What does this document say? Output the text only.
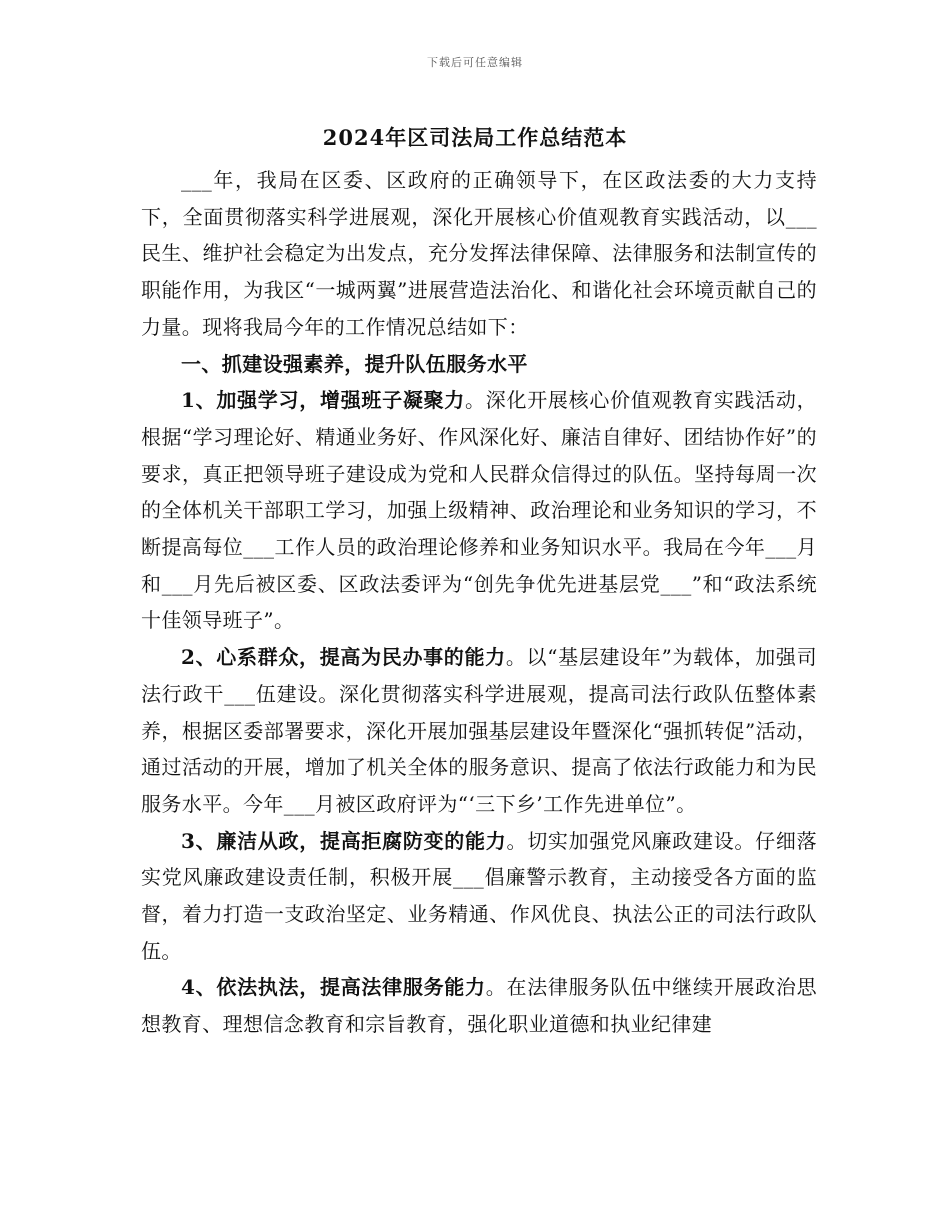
下载后可任意编辑
2024年区司法局工作总结范本

___年，我局在区委、区政府的正确领导下，在区政法委的大力支持下，全面贯彻落实科学进展观，深化开展核心价值观教育实践活动，以___民生、维护社会稳定为出发点，充分发挥法律保障、法律服务和法制宣传的职能作用，为我区“一城两翼”进展营造法治化、和谐化社会环境贡献自己的力量。现将我局今年的工作情况总结如下：

一、抓建设强素养，提升队伍服务水平

1、加强学习，增强班子凝聚力。深化开展核心价值观教育实践活动，根据“学习理论好、精通业务好、作风深化好、廉洁自律好、团结协作好”的要求，真正把领导班子建设成为党和人民群众信得过的队伍。坚持每周一次的全体机关干部职工学习，加强上级精神、政治理论和业务知识的学习，不断提高每位___工作人员的政治理论修养和业务知识水平。我局在今年___月和___月先后被区委、区政法委评为“创先争优先进基层党___”和“政法系统十佳领导班子”。

2、心系群众，提高为民办事的能力。以“基层建设年”为载体，加强司法行政干___伍建设。深化贯彻落实科学进展观，提高司法行政队伍整体素养，根据区委部署要求，深化开展加强基层建设年暨深化“强抓转促”活动，通过活动的开展，增加了机关全体的服务意识、提高了依法行政能力和为民服务水平。今年___月被区政府评为“‘三下乡’工作先进单位”。

3、廉洁从政，提高拒腐防变的能力。切实加强党风廉政建设。仔细落实党风廉政建设责任制，积极开展___倡廉警示教育，主动接受各方面的监督，着力打造一支政治坚定、业务精通、作风优良、执法公正的司法行政队伍。

4、依法执法，提高法律服务能力。在法律服务队伍中继续开展政治思想教育、理想信念教育和宗旨教育，强化职业道德和执业纪律建
